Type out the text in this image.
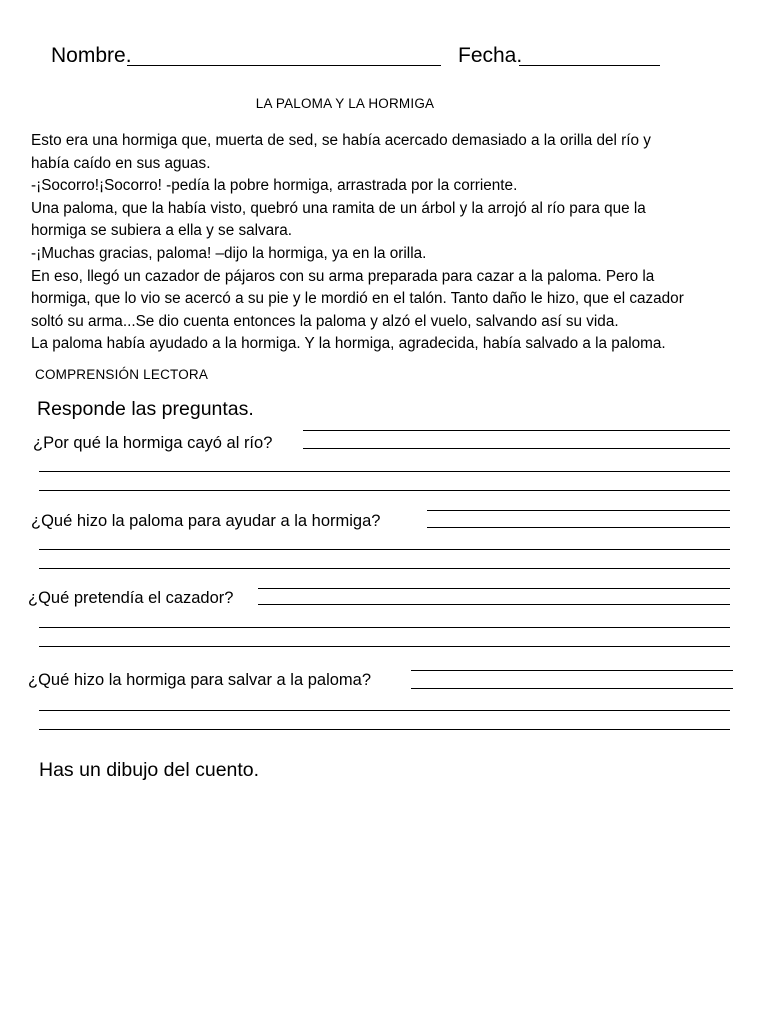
Nombre.	Fecha.
LA PALOMA Y LA HORMIGA

Esto era una hormiga que, muerta de sed, se había acercado demasiado a la orilla del río y

había caído en sus aguas.

-¡Socorro!¡Socorro! -pedía la pobre hormiga, arrastrada por la corriente.

Una paloma, que la había visto, quebró una ramita de un árbol y la arrojó al río para que la

hormiga se subiera a ella y se salvara.

-¡Muchas gracias, paloma! –dijo la hormiga, ya en la orilla.

En eso, llegó un cazador de pájaros con su arma preparada para cazar a la paloma. Pero la

hormiga, que lo vio se acercó a su pie y le mordió en el talón. Tanto daño le hizo, que el cazador

soltó su arma...Se dio cuenta entonces la paloma y alzó el vuelo, salvando así su vida.

La paloma había ayudado a la hormiga. Y la hormiga, agradecida, había salvado a la paloma.

COMPRENSIÓN LECTORA
Responde las preguntas.
¿Por qué la hormiga cayó al río?
¿Qué hizo la paloma para ayudar a la hormiga?
¿Qué pretendía el cazador?
¿Qué hizo la hormiga para salvar a la paloma?
Has un dibujo del cuento.
